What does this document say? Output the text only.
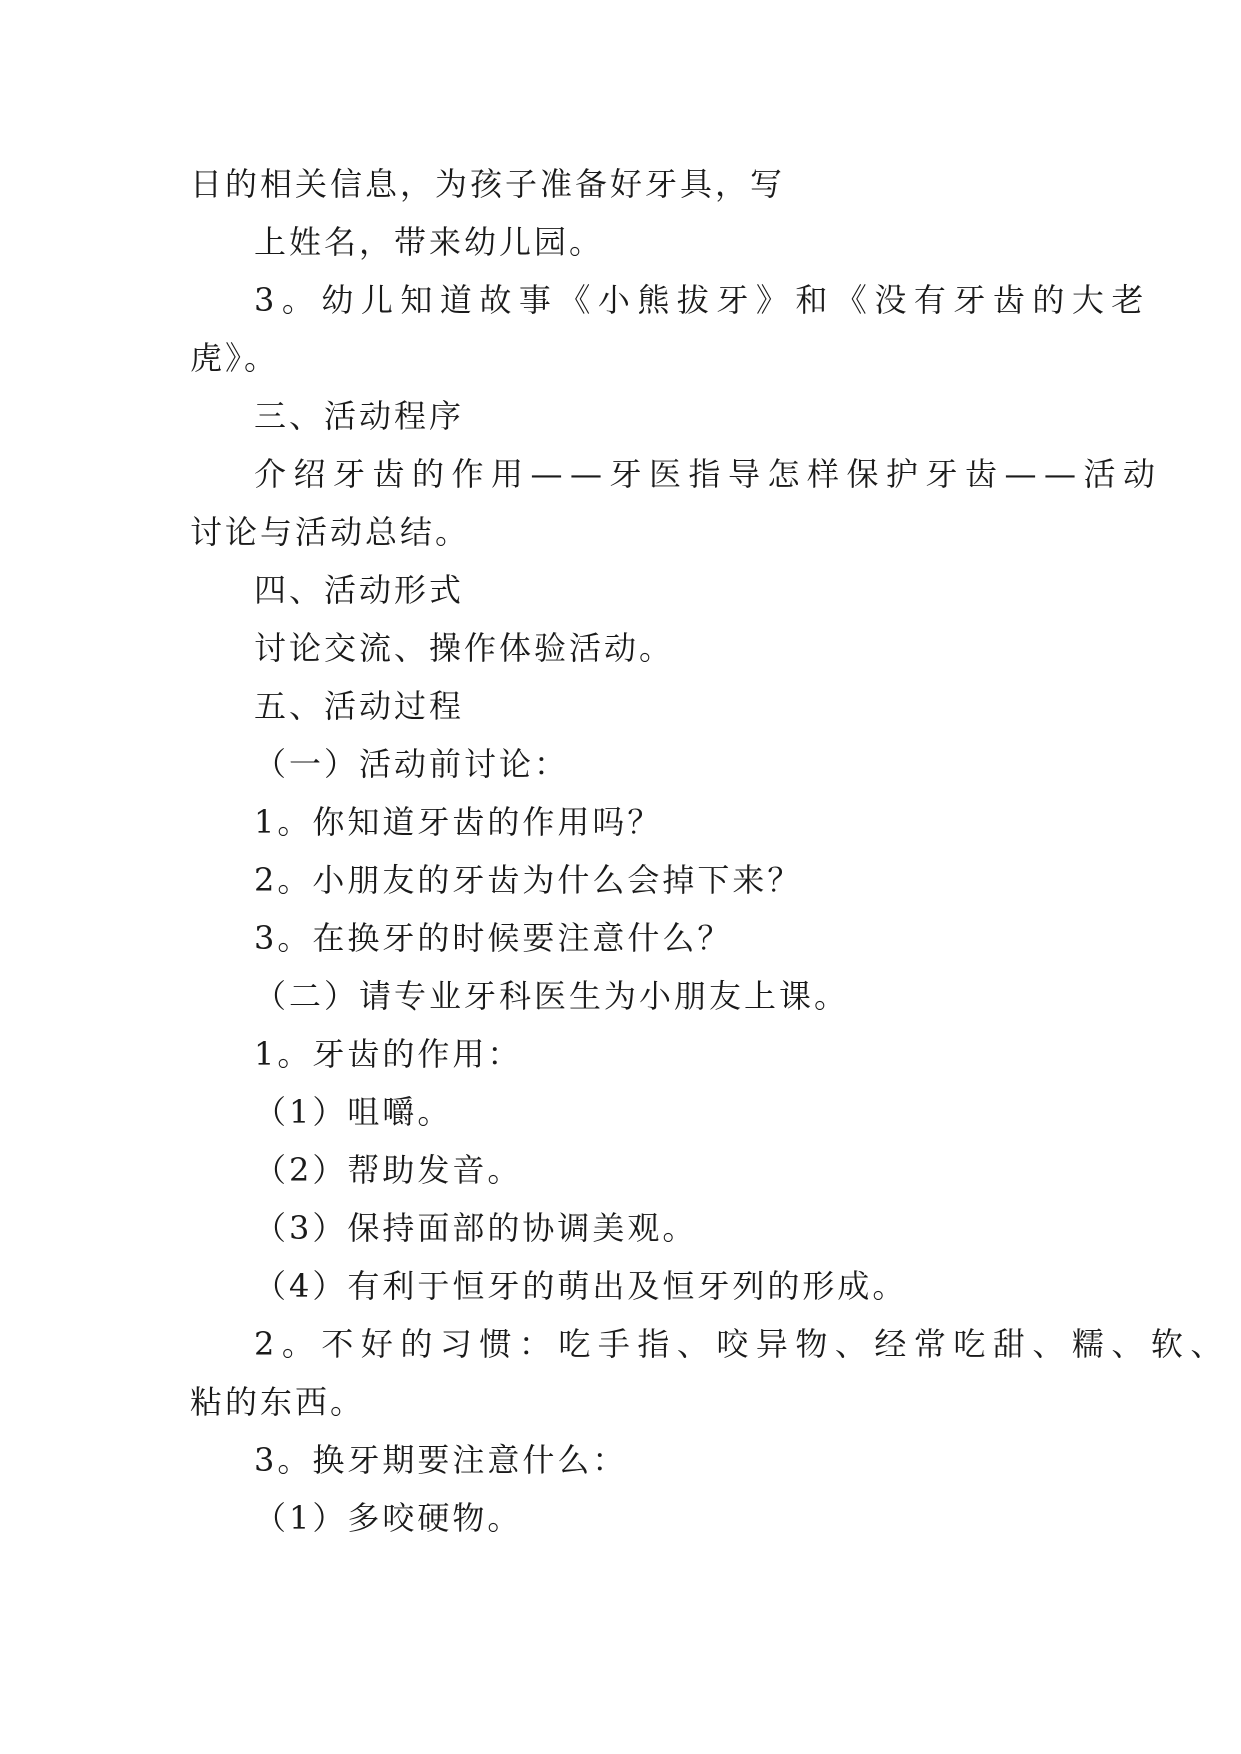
日的相关信息，为孩子准备好牙具，写
上姓名，带来幼儿园。
3。幼儿知道故事《小熊拔牙》和《没有牙齿的大老
虎》。
三、活动程序
介绍牙齿的作用——牙医指导怎样保护牙齿——活动
讨论与活动总结。
四、活动形式
讨论交流、操作体验活动。
五、活动过程
（一）活动前讨论：
1。你知道牙齿的作用吗？
2。小朋友的牙齿为什么会掉下来？
3。在换牙的时候要注意什么？
（二）请专业牙科医生为小朋友上课。
1。牙齿的作用：
（1）咀嚼。
（2）帮助发音。
（3）保持面部的协调美观。
（4）有利于恒牙的萌出及恒牙列的形成。
2。不好的习惯：吃手指、咬异物、经常吃甜、糯、软、
粘的东西。
3。换牙期要注意什么：
（1）多咬硬物。
